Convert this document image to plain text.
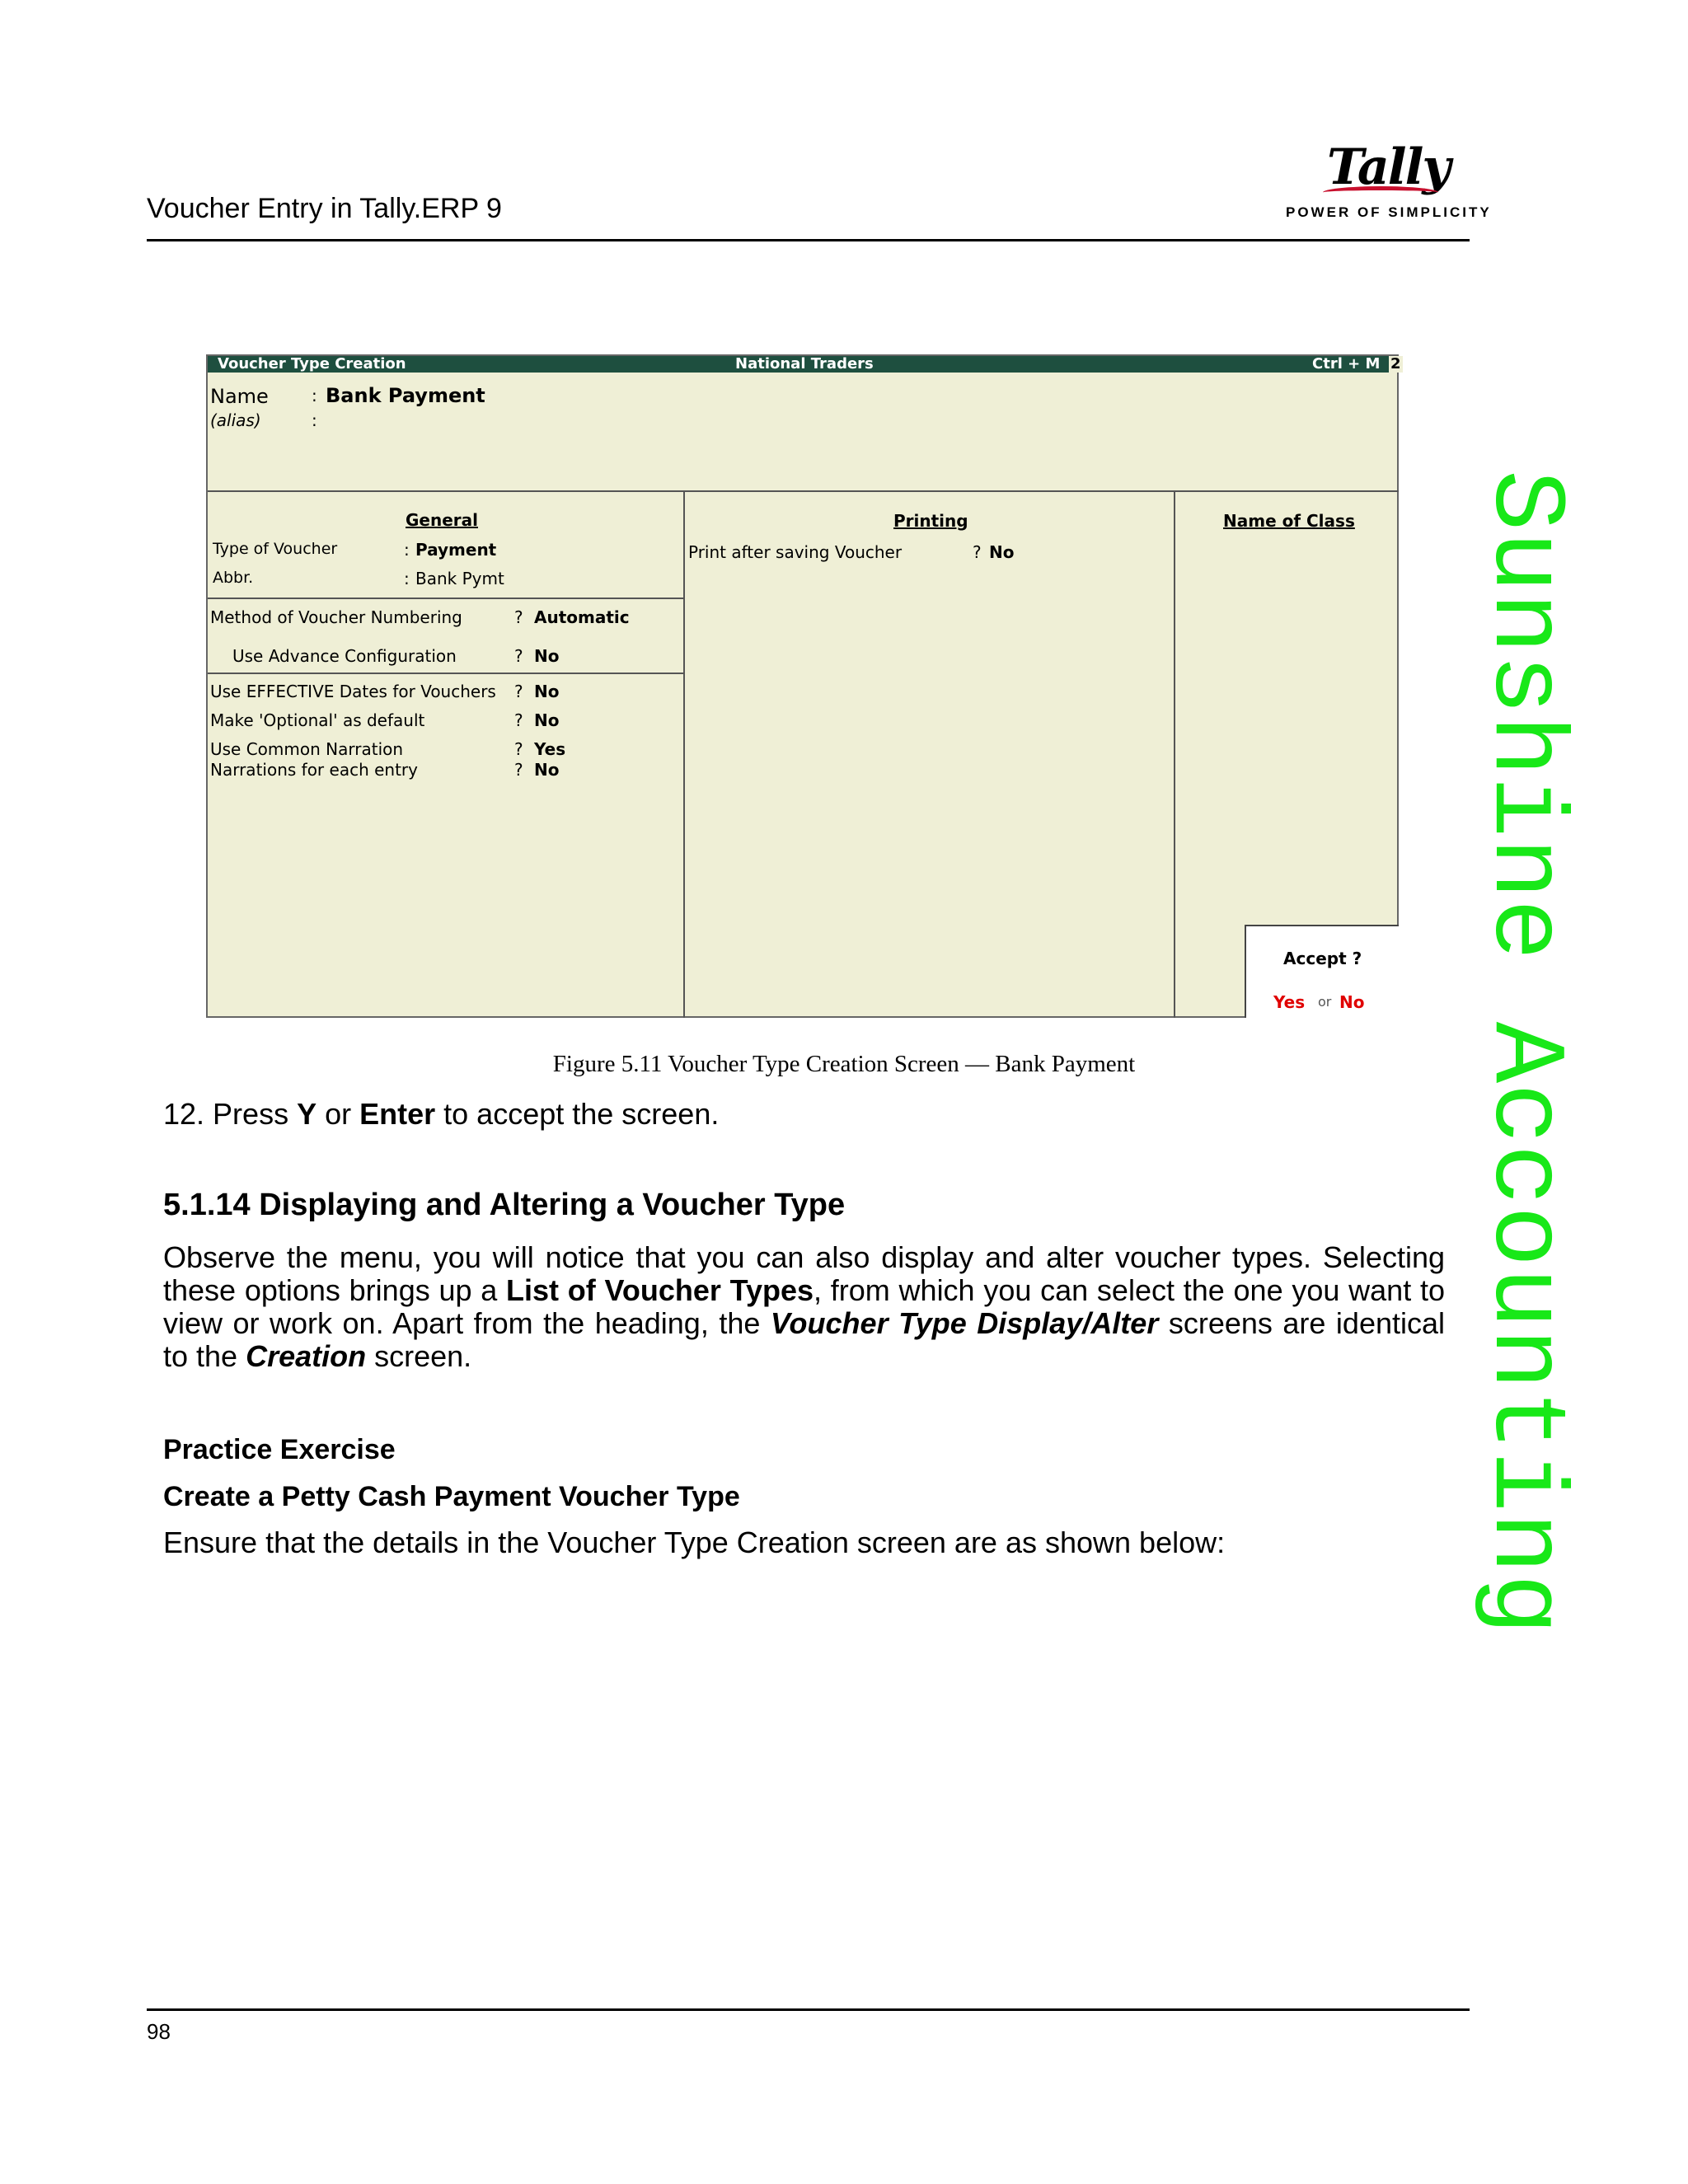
Voucher Entry in Tally.ERP 9
Tally
POWER OF SIMPLICITY
Sunshine Accounting
Voucher Type Creation	National Traders	Ctrl + M 2
Name	: Bank Payment
(alias)	:
General
Type of Voucher	: Payment
Abbr.	: Bank Pymt
Method of Voucher Numbering	? Automatic
Use Advance Configuration	? No
Use EFFECTIVE Dates for Vouchers ? No
Make 'Optional' as default	? No
Use Common Narration	? Yes
Narrations for each entry	? No
Printing
Print after saving Voucher	? No
Name of Class
Accept ?
Yes or No
Figure 5.11 Voucher Type Creation Screen — Bank Payment
12. Press Y or Enter to accept the screen.
5.1.14 Displaying and Altering a Voucher Type
Observe the menu, you will notice that you can also display and alter voucher types. Selecting these options brings up a List of Voucher Types, from which you can select the one you want to view or work on. Apart from the heading, the Voucher Type Display/Alter screens are identical to the Creation screen.
Practice Exercise
Create a Petty Cash Payment Voucher Type
Ensure that the details in the Voucher Type Creation screen are as shown below:
98
